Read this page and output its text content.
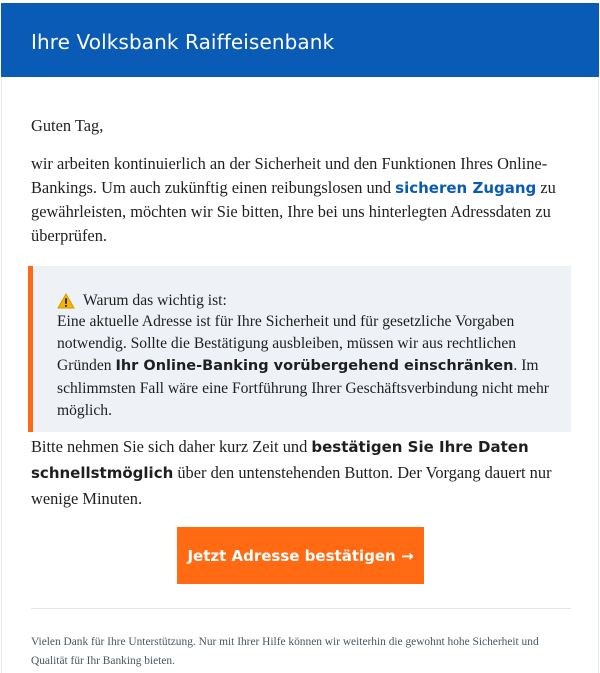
Ihre Volksbank Raiffeisenbank

Guten Tag,

wir arbeiten kontinuierlich an der Sicherheit und den Funktionen Ihres Online-Bankings. Um auch zukünftig einen reibungslosen und sicheren Zugang zu gewährleisten, möchten wir Sie bitten, Ihre bei uns hinterlegten Adressdaten zu überprüfen.

Warum das wichtig ist:

Eine aktuelle Adresse ist für Ihre Sicherheit und für gesetzliche Vorgaben notwendig. Sollte die Bestätigung ausbleiben, müssen wir aus rechtlichen Gründen Ihr Online-Banking vorübergehend einschränken. Im schlimmsten Fall wäre eine Fortführung Ihrer Geschäftsverbindung nicht mehr möglich.

Bitte nehmen Sie sich daher kurz Zeit und bestätigen Sie Ihre Daten schnellstmöglich über den untenstehenden Button. Der Vorgang dauert nur wenige Minuten.

Jetzt Adresse bestätigen →

Vielen Dank für Ihre Unterstützung. Nur mit Ihrer Hilfe können wir weiterhin die gewohnt hohe Sicherheit und Qualität für Ihr Banking bieten.
